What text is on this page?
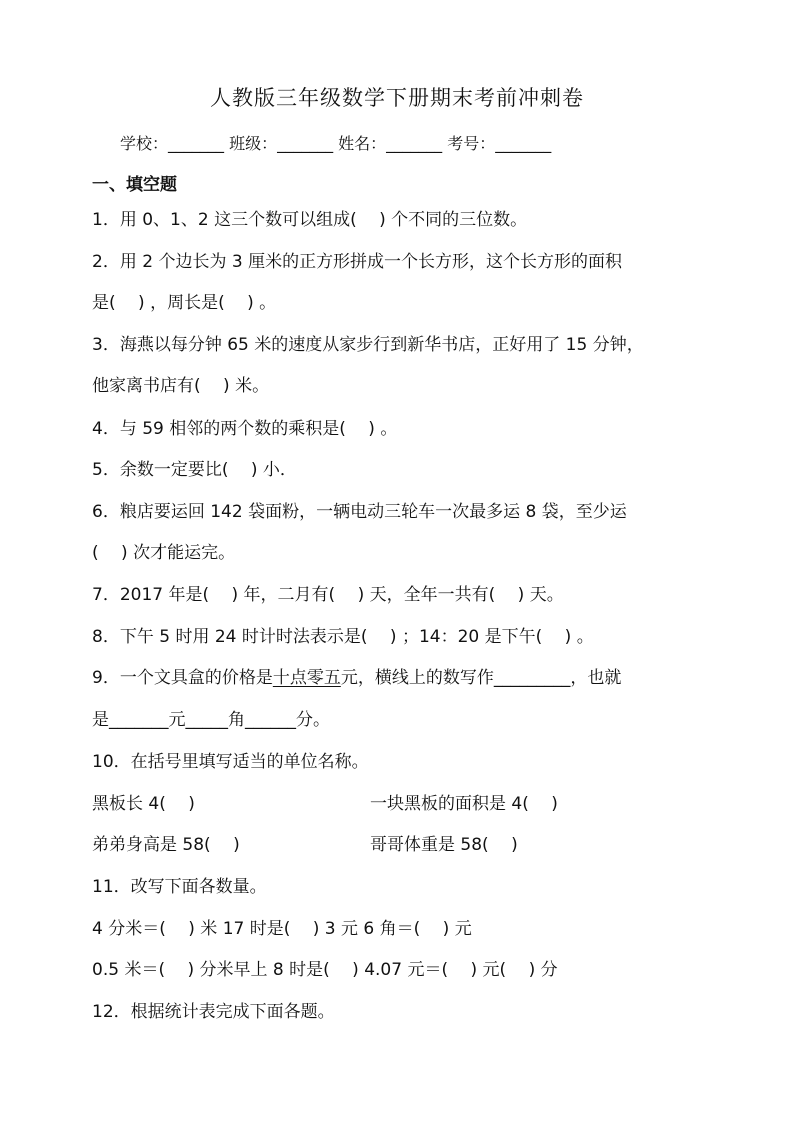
人教版三年级数学下册期末考前冲刺卷
学校：_______ 班级：_______ 姓名：_______ 考号：_______
一、填空题
1．用 0、1、2 这三个数可以组成(　 ) 个不同的三位数。
2．用 2 个边长为 3 厘米的正方形拼成一个长方形，这个长方形的面积
是(　 ) ，周长是(　 ) 。
3．海燕以每分钟 65 米的速度从家步行到新华书店，正好用了 15 分钟，
他家离书店有(　 ) 米。
4．与 59 相邻的两个数的乘积是(　 ) 。
5．余数一定要比(　 ) 小．
6．粮店要运回 142 袋面粉，一辆电动三轮车一次最多运 8 袋，至少运
(　 ) 次才能运完。
7．2017 年是(　 ) 年，二月有(　 ) 天，全年一共有(　 ) 天。
8．下午 5 时用 24 时计时法表示是(　 ) ；14：20 是下午(　 ) 。
9．一个文具盒的价格是十点零五元，横线上的数写作_________，也就
是_______元_____角______分。
10．在括号里填写适当的单位名称。
黑板长 4(　 )	一块黑板的面积是 4(　 )
弟弟身高是 58(　 )	哥哥体重是 58(　 )
11．改写下面各数量。
4 分米＝(　 ) 米 17 时是(　 ) 3 元 6 角＝(　 ) 元
0.5 米＝(　 ) 分米早上 8 时是(　 ) 4.07 元＝(　 ) 元(　 ) 分
12．根据统计表完成下面各题。
